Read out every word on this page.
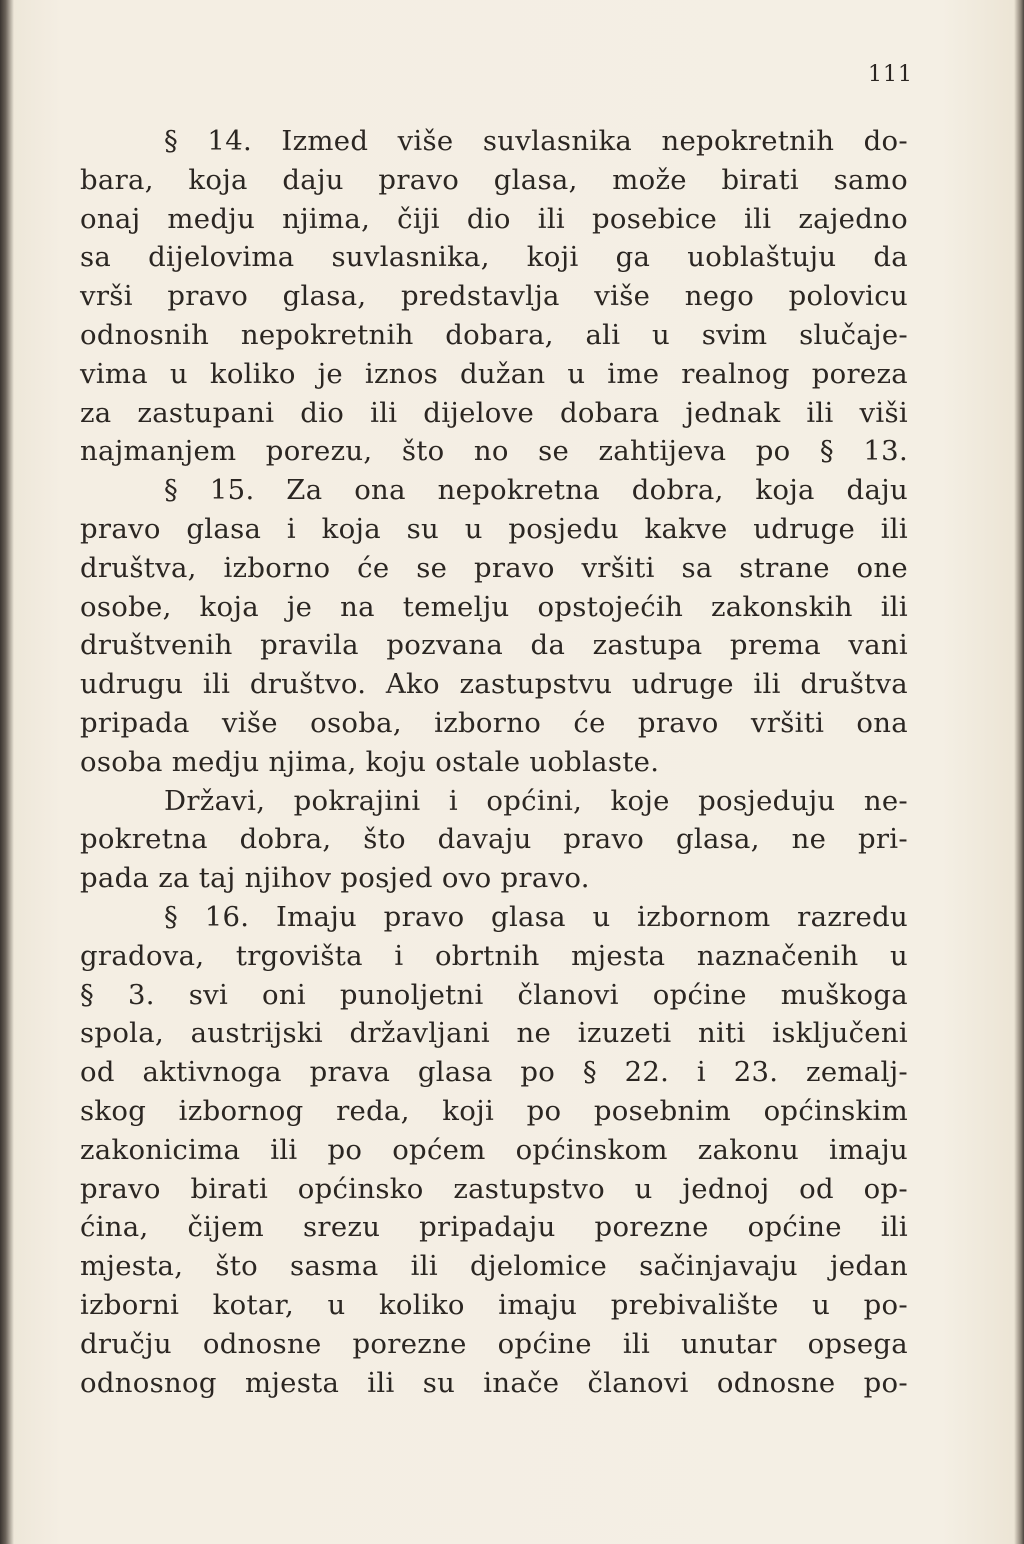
111
§ 14. Izmed više suvlasnika nepokretnih do-
bara, koja daju pravo glasa, može birati samo
onaj medju njima, čiji dio ili posebice ili zajedno
sa dijelovima suvlasnika, koji ga uoblaštuju da
vrši pravo glasa, predstavlja više nego polovicu
odnosnih nepokretnih dobara, ali u svim slučaje-
vima u koliko je iznos dužan u ime realnog poreza
za zastupani dio ili dijelove dobara jednak ili viši
najmanjem porezu, što no se zahtijeva po § 13.
§ 15. Za ona nepokretna dobra, koja daju
pravo glasa i koja su u posjedu kakve udruge ili
društva, izborno će se pravo vršiti sa strane one
osobe, koja je na temelju opstojećih zakonskih ili
društvenih pravila pozvana da zastupa prema vani
udrugu ili društvo. Ako zastupstvu udruge ili društva
pripada više osoba, izborno će pravo vršiti ona
osoba medju njima, koju ostale uoblaste.
Državi, pokrajini i općini, koje posjeduju ne-
pokretna dobra, što davaju pravo glasa, ne pri-
pada za taj njihov posjed ovo pravo.
§ 16. Imaju pravo glasa u izbornom razredu
gradova, trgovišta i obrtnih mjesta naznačenih u
§ 3. svi oni punoljetni članovi općine muškoga
spola, austrijski državljani ne izuzeti niti isključeni
od aktivnoga prava glasa po § 22. i 23. zemalj-
skog izbornog reda, koji po posebnim općinskim
zakonicima ili po općem općinskom zakonu imaju
pravo birati općinsko zastupstvo u jednoj od op-
ćina, čijem srezu pripadaju porezne općine ili
mjesta, što sasma ili djelomice sačinjavaju jedan
izborni kotar, u koliko imaju prebivalište u po-
dručju odnosne porezne općine ili unutar opsega
odnosnog mjesta ili su inače članovi odnosne po-
